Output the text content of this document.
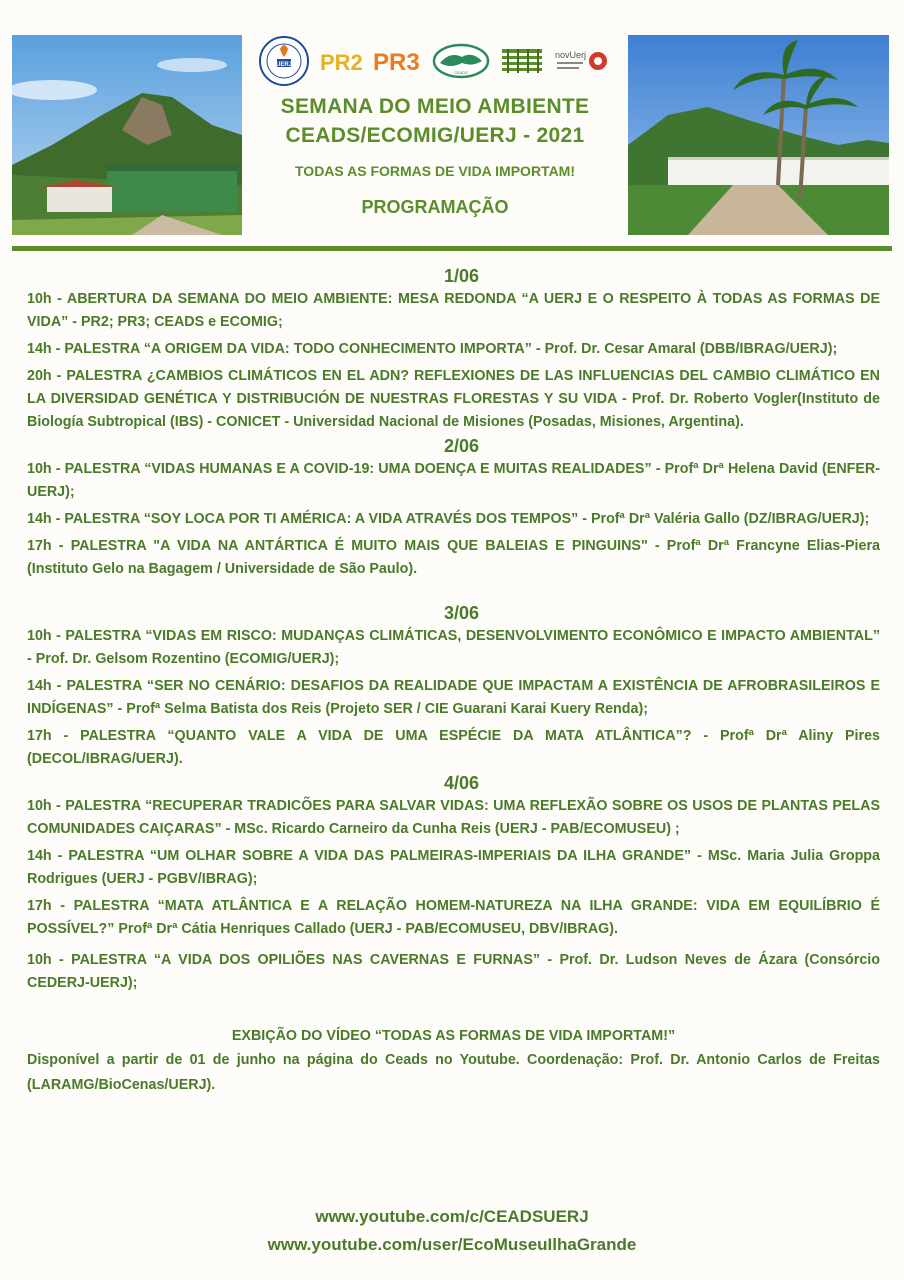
UERJ PR2 PR3	CEADS
novUerj
SEMANA DO MEIO AMBIENTE
CEADS/ECOMIG/UERJ - 2021
TODAS AS FORMAS DE VIDA IMPORTAM!
PROGRAMAÇÃO
1/06
10h - ABERTURA DA SEMANA DO MEIO AMBIENTE: MESA REDONDA “A UERJ E O RESPEITO À TODAS AS FORMAS DE VIDA” - PR2; PR3; CEADS e ECOMIG;
14h - PALESTRA “A ORIGEM DA VIDA: TODO CONHECIMENTO IMPORTA” - Prof. Dr. Cesar Amaral (DBB/IBRAG/UERJ);
20h - PALESTRA ¿CAMBIOS CLIMÁTICOS EN EL ADN? REFLEXIONES DE LAS INFLUENCIAS DEL CAMBIO CLIMÁTICO EN LA DIVERSIDAD GENÉTICA Y DISTRIBUCIÓN DE NUESTRAS FLORESTAS Y SU VIDA - Prof. Dr. Roberto Vogler(Instituto de Biología Subtropical (IBS) - CONICET - Universidad Nacional de Misiones (Posadas, Misiones, Argentina).
2/06
10h - PALESTRA “VIDAS HUMANAS E A COVID-19: UMA DOENÇA E MUITAS REALIDADES” - Profª Drª Helena David (ENFER-UERJ);
14h - PALESTRA “SOY LOCA POR TI AMÉRICA: A VIDA ATRAVÉS DOS TEMPOS” - Profª Drª Valéria Gallo (DZ/IBRAG/UERJ);
17h - PALESTRA "A VIDA NA ANTÁRTICA É MUITO MAIS QUE BALEIAS E PINGUINS" - Profª Drª Francyne Elias-Piera (Instituto Gelo na Bagagem / Universidade de São Paulo).
3/06
10h - PALESTRA “VIDAS EM RISCO: MUDANÇAS CLIMÁTICAS, DESENVOLVIMENTO ECONÔMICO E IMPACTO AMBIENTAL” - Prof. Dr. Gelsom Rozentino (ECOMIG/UERJ);
14h - PALESTRA “SER NO CENÁRIO: DESAFIOS DA REALIDADE QUE IMPACTAM A EXISTÊNCIA DE AFROBRASILEIROS E INDÍGENAS” - Profª Selma Batista dos Reis (Projeto SER / CIE Guarani Karai Kuery Renda);
17h - PALESTRA “QUANTO VALE A VIDA DE UMA ESPÉCIE DA MATA ATLÂNTICA”? - Profª Drª Aliny Pires (DECOL/IBRAG/UERJ).
4/06
10h - PALESTRA “RECUPERAR TRADICÕES PARA SALVAR VIDAS: UMA REFLEXÃO SOBRE OS USOS DE PLANTAS PELAS COMUNIDADES CAIÇARAS” - MSc. Ricardo Carneiro da Cunha Reis (UERJ - PAB/ECOMUSEU) ;
14h - PALESTRA “UM OLHAR SOBRE A VIDA DAS PALMEIRAS-IMPERIAIS DA ILHA GRANDE” - MSc. Maria Julia Groppa Rodrigues (UERJ - PGBV/IBRAG);
17h - PALESTRA “MATA ATLÂNTICA E A RELAÇÃO HOMEM-NATUREZA NA ILHA GRANDE: VIDA EM EQUILÍBRIO É POSSÍVEL?” Profª Drª Cátia Henriques Callado (UERJ - PAB/ECOMUSEU, DBV/IBRAG).
10h - PALESTRA “A VIDA DOS OPILIÕES NAS CAVERNAS E FURNAS” - Prof. Dr. Ludson Neves de Ázara (Consórcio CEDERJ-UERJ);
EXBIÇÃO DO VÍDEO “TODAS AS FORMAS DE VIDA IMPORTAM!”
Disponível a partir de 01 de junho na página do Ceads no Youtube. Coordenação: Prof. Dr. Antonio Carlos de Freitas (LARAMG/BioCenas/UERJ).
www.youtube.com/c/CEADSUERJ
www.youtube.com/user/EcoMuseuIlhaGrande
